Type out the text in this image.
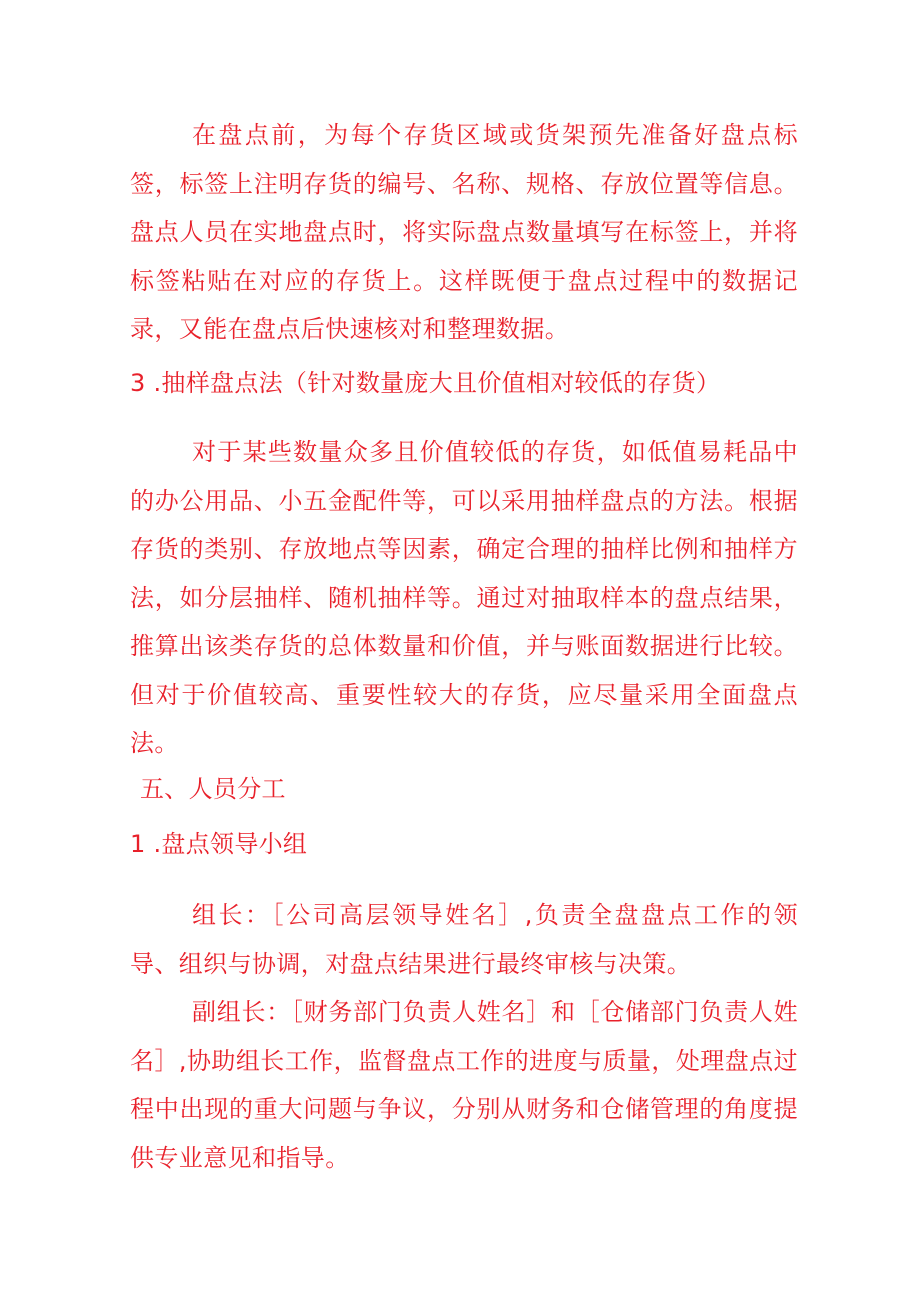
在盘点前，为每个存货区域或货架预先准备好盘点标签，标签上注明存货的编号、名称、规格、存放位置等信息。盘点人员在实地盘点时，将实际盘点数量填写在标签上，并将标签粘贴在对应的存货上。这样既便于盘点过程中的数据记录，又能在盘点后快速核对和整理数据。

3 .抽样盘点法（针对数量庞大且价值相对较低的存货）

对于某些数量众多且价值较低的存货，如低值易耗品中的办公用品、小五金配件等，可以采用抽样盘点的方法。根据存货的类别、存放地点等因素，确定合理的抽样比例和抽样方法，如分层抽样、随机抽样等。通过对抽取样本的盘点结果，推算出该类存货的总体数量和价值，并与账面数据进行比较。但对于价值较高、重要性较大的存货，应尽量采用全面盘点法。

五、人员分工

1 .盘点领导小组

组长：［公司高层领导姓名］,负责全盘盘点工作的领导、组织与协调，对盘点结果进行最终审核与决策。

副组长：［财务部门负责人姓名］和［仓储部门负责人姓名］,协助组长工作，监督盘点工作的进度与质量，处理盘点过程中出现的重大问题与争议，分别从财务和仓储管理的角度提供专业意见和指导。
